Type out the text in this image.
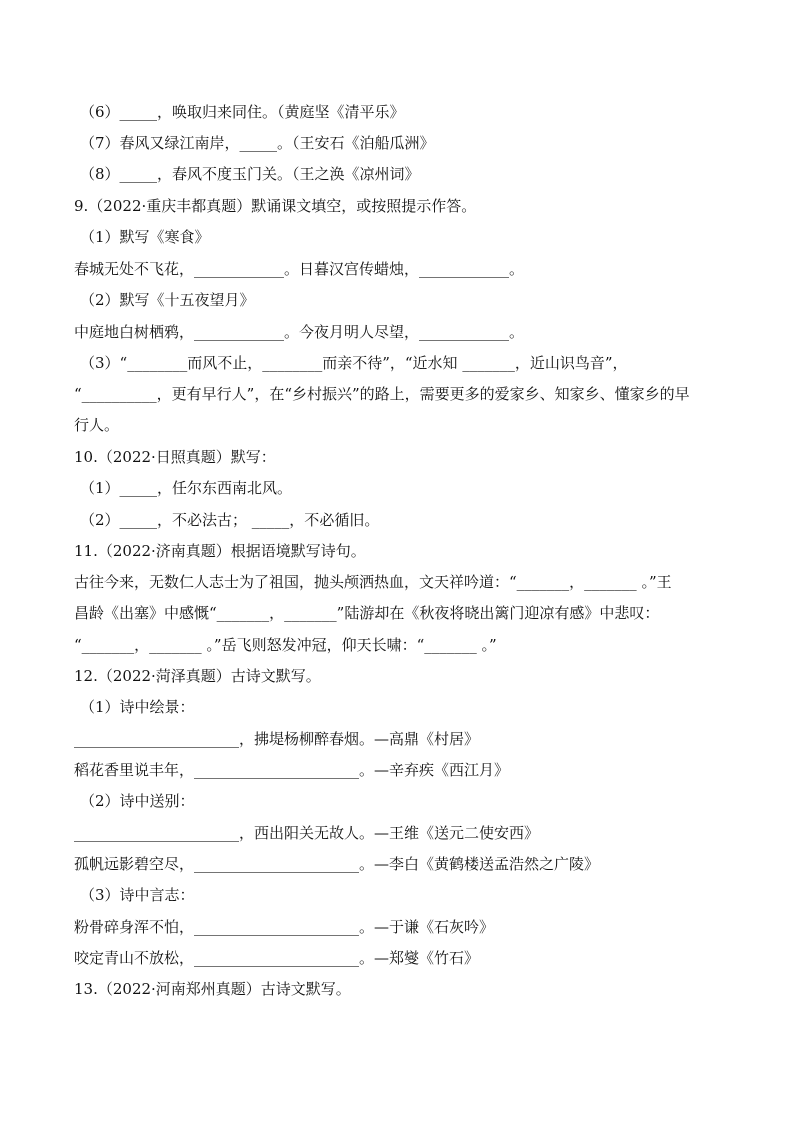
（6）_____，唤取归来同住。（黄庭坚《清平乐》
（7）春风又绿江南岸，_____。（王安石《泊船瓜洲》
（8）_____，春风不度玉门关。（王之涣《凉州词》
9.（2022·重庆丰都真题）默诵课文填空，或按照提示作答。
（1）默写《寒食》
春城无处不飞花，____________。日暮汉宫传蜡烛，____________。
（2）默写《十五夜望月》
中庭地白树栖鸦，____________。今夜月明人尽望，____________。
（3）“________而风不止，________而亲不待”，“近水知 _______，近山识鸟音”，
“__________，更有早行人”，在“乡村振兴”的路上，需要更多的爱家乡、知家乡、懂家乡的早
行人。
10.（2022·日照真题）默写：
（1）_____，任尔东西南北风。
（2）_____，不必法古； _____，不必循旧。
11.（2022·济南真题）根据语境默写诗句。
古往今来，无数仁人志士为了祖国，抛头颅洒热血，文天祥吟道：“_______，_______ 。”王
昌龄《出塞》中感慨“_______，_______”陆游却在《秋夜将晓出篱门迎凉有感》中悲叹：
“_______，_______ 。”岳飞则怒发冲冠，仰天长啸：“_______ 。”
12.（2022·菏泽真题）古诗文默写。
（1）诗中绘景：
______________________，拂堤杨柳醉春烟。—高鼎《村居》
稻花香里说丰年，______________________。—辛弃疾《西江月》
（2）诗中送别：
______________________，西出阳关无故人。—王维《送元二使安西》
孤帆远影碧空尽，______________________。—李白《黄鹤楼送孟浩然之广陵》
（3）诗中言志：
粉骨碎身浑不怕，______________________。—于谦《石灰吟》
咬定青山不放松，______________________。—郑燮《竹石》
13.（2022·河南郑州真题）古诗文默写。
